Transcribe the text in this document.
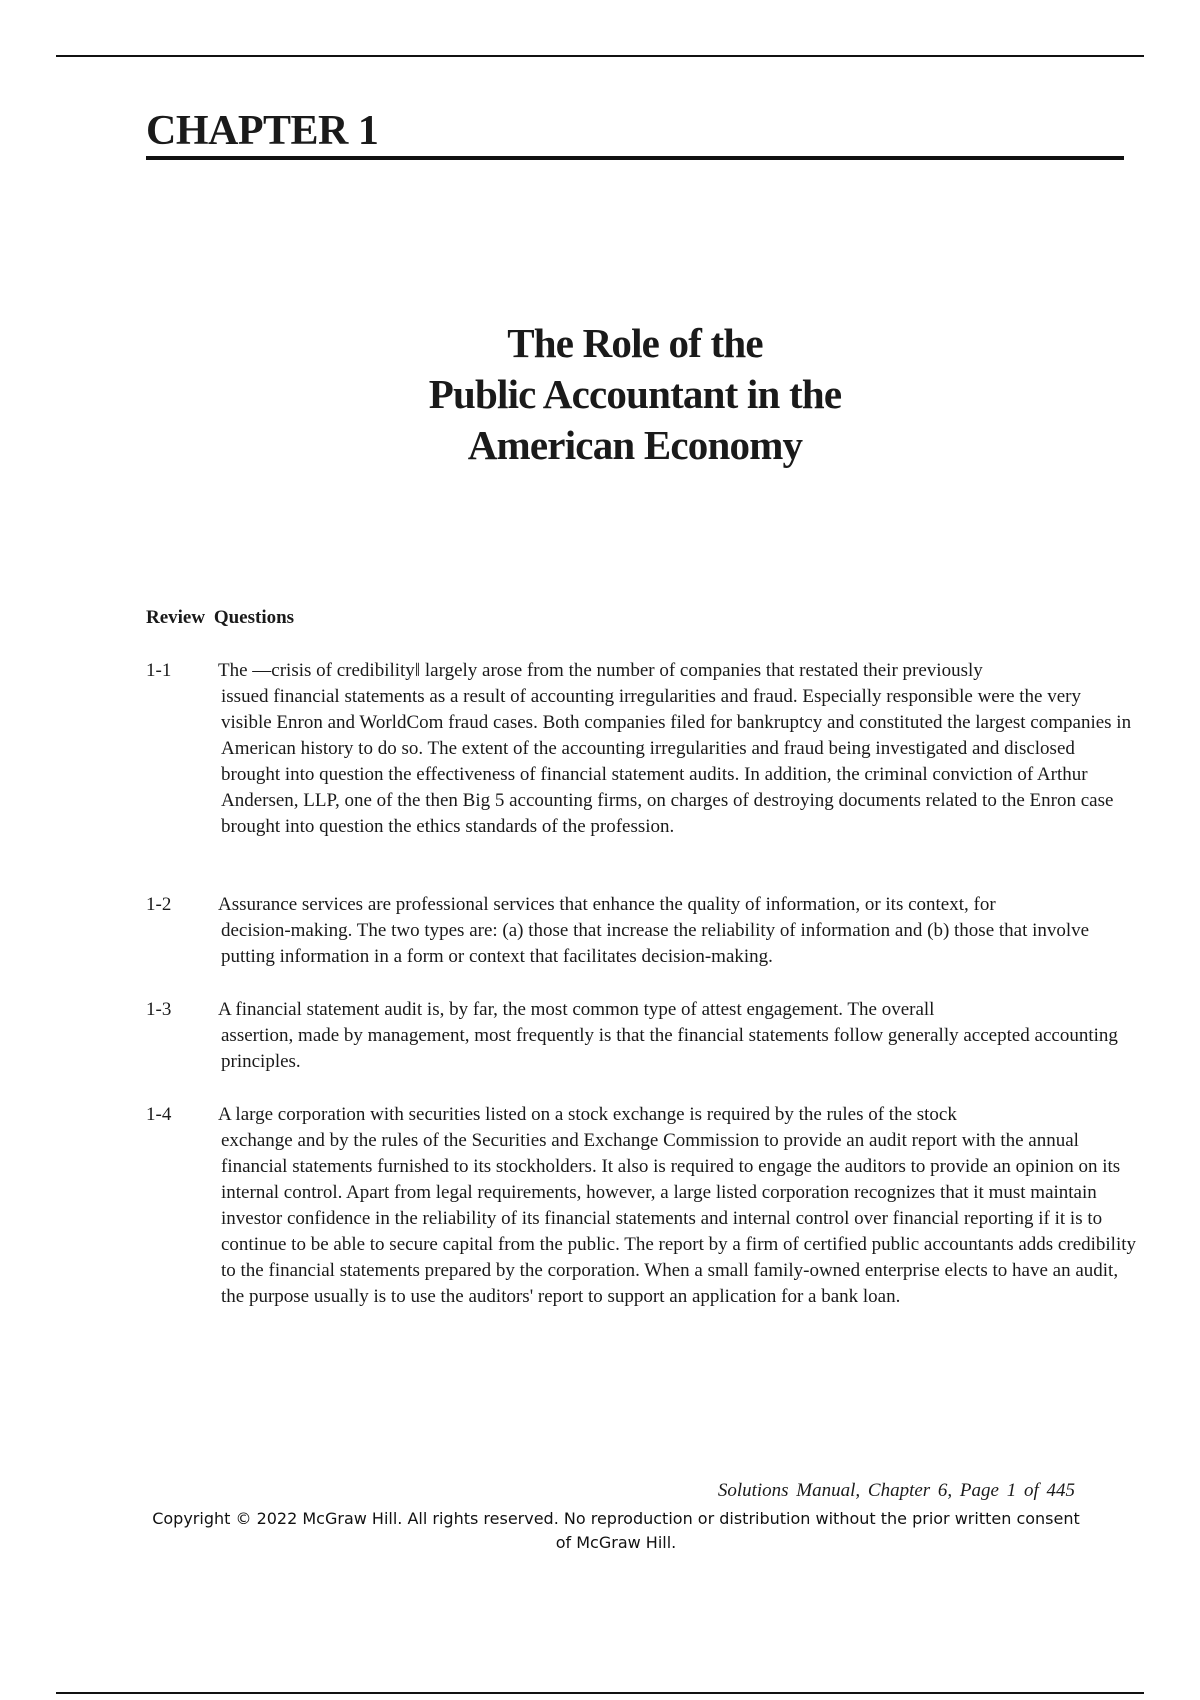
CHAPTER 1
The Role of the
Public Accountant in the
American Economy
Review Questions
1-1 The —crisis of credibility‖ largely arose from the number of companies that restated their previously
issued financial statements as a result of accounting irregularities and fraud. Especially responsible were the very visible Enron and WorldCom fraud cases. Both companies filed for bankruptcy and constituted the largest companies in American history to do so. The extent of the accounting irregularities and fraud being investigated and disclosed brought into question the effectiveness of financial statement audits. In addition, the criminal conviction of Arthur Andersen, LLP, one of the then Big 5 accounting firms, on charges of destroying documents related to the Enron case brought into question the ethics standards of the profession.
1-2 Assurance services are professional services that enhance the quality of information, or its context, for
decision-making. The two types are: (a) those that increase the reliability of information and (b) those that involve putting information in a form or context that facilitates decision-making.
1-3 A financial statement audit is, by far, the most common type of attest engagement. The overall
assertion, made by management, most frequently is that the financial statements follow generally accepted accounting principles.
1-4 A large corporation with securities listed on a stock exchange is required by the rules of the stock
exchange and by the rules of the Securities and Exchange Commission to provide an audit report with the annual financial statements furnished to its stockholders. It also is required to engage the auditors to provide an opinion on its internal control. Apart from legal requirements, however, a large listed corporation recognizes that it must maintain investor confidence in the reliability of its financial statements and internal control over financial reporting if it is to continue to be able to secure capital from the public. The report by a firm of certified public accountants adds credibility to the financial statements prepared by the corporation. When a small family-owned enterprise elects to have an audit, the purpose usually is to use the auditors' report to support an application for a bank loan.
Solutions Manual, Chapter 6, Page 1 of 445
Copyright © 2022 McGraw Hill. All rights reserved. No reproduction or distribution without the prior written consent of McGraw Hill.
